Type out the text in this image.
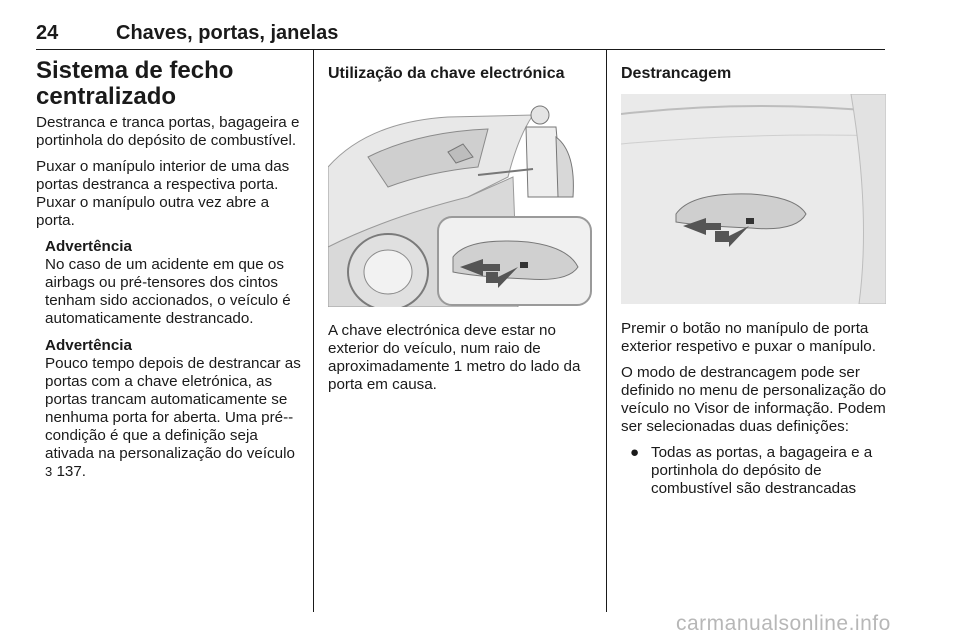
24	Chaves, portas, janelas
Sistema de fecho centralizado

Destranca e tranca portas, bagageira e portinhola do depósito de combustível.

Puxar o manípulo interior de uma das portas destranca a respectiva porta. Puxar o manípulo outra vez abre a porta.

Advertência
No caso de um acidente em que os airbags ou pré-tensores dos cintos tenham sido accionados, o veículo é automaticamente destrancado.
Advertência
Pouco tempo depois de destrancar as portas com a chave eletrónica, as portas trancam automaticamente se nenhuma porta for aberta. Uma pré--condição é que a definição seja ativada na personalização do veículo 3 137.
Utilização da chave electrónica

A chave electrónica deve estar no exterior do veículo, num raio de aproximadamente 1 metro do lado da porta em causa.

Destrancagem

Premir o botão no manípulo de porta exterior respetivo e puxar o manípulo.

O modo de destrancagem pode ser definido no menu de personalização do veículo no Visor de informação. Podem ser selecionadas duas definições:

● Todas as portas, a bagageira e a portinhola do depósito de combustível são destrancadas
carmanualsonline.info
